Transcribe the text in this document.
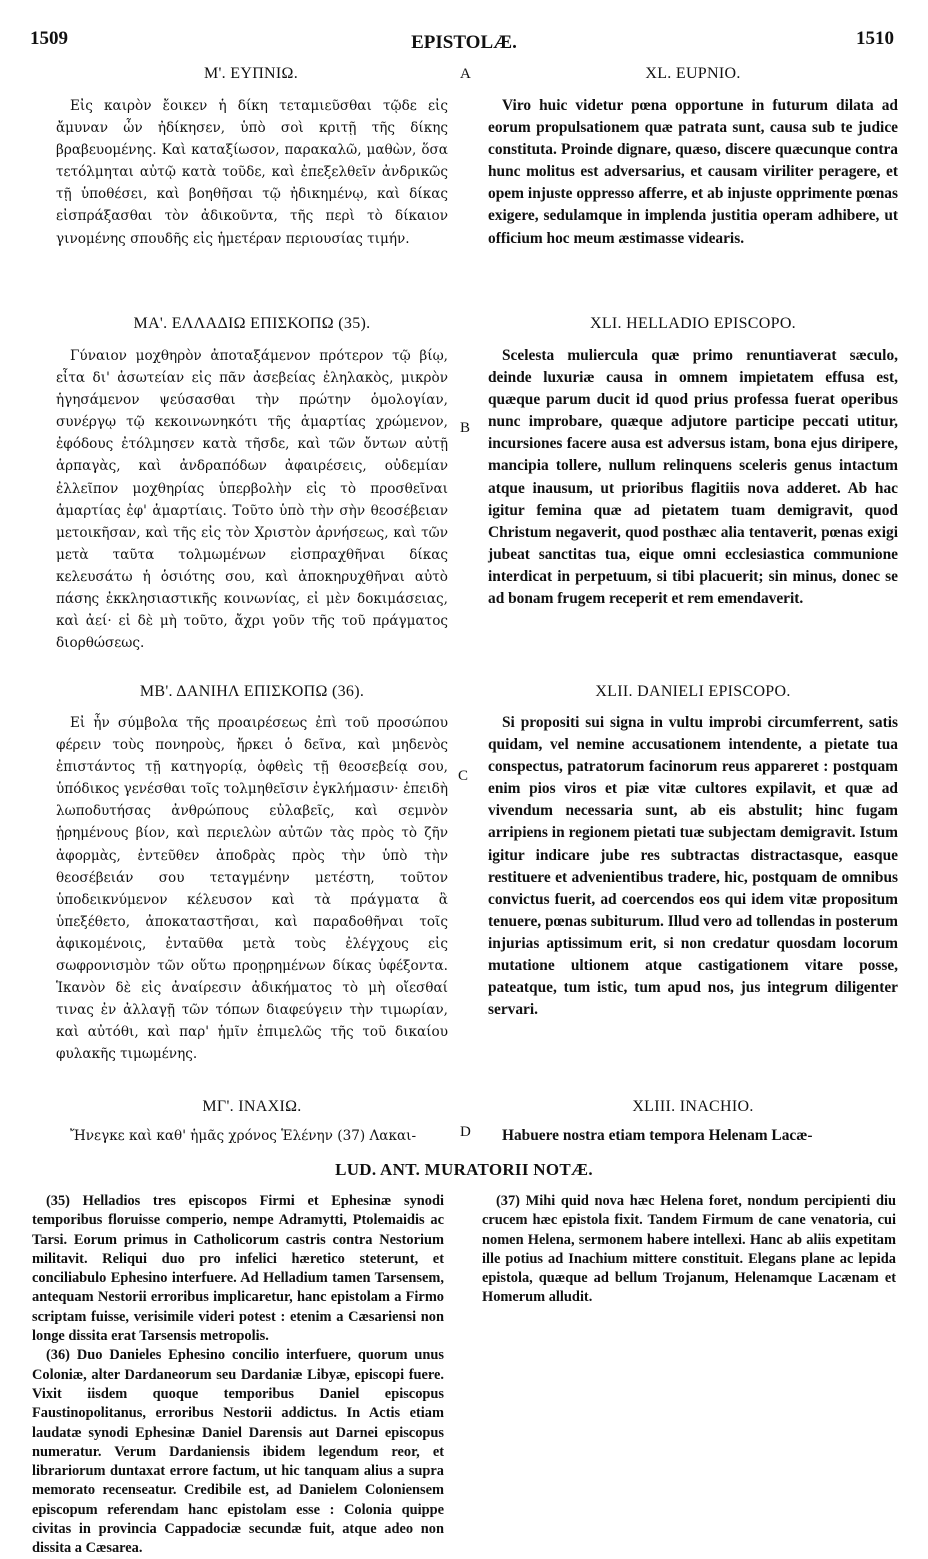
1509	EPISTOLÆ.	1510
A
B
C
D
Μ'. ΕΥΠΝΙΩ.

Εἰς καιρὸν ἔοικεν ἡ δίκη τεταμιεῦσθαι τῷδε εἰς ἄμυναν ὧν ἠδίκησεν, ὑπὸ σοὶ κριτῇ τῆς δίκης βραβευομένης. Καὶ καταξίωσον, παρακαλῶ, μαθὼν, ὅσα τετόλμηται αὐτῷ κατὰ τοῦδε, καὶ ἐπεξελθεῖν ἀνδρικῶς τῇ ὑποθέσει, καὶ βοηθῆσαι τῷ ἠδικημένῳ, καὶ δίκας εἰσπράξασθαι τὸν ἀδικοῦντα, τῆς περὶ τὸ δίκαιον γινομένης σπουδῆς εἰς ἡμετέραν περιουσίας τιμήν.

ΜΑ'. ΕΛΛΑΔΙΩ ΕΠΙΣΚΟΠΩ (35).

Γύναιον μοχθηρὸν ἀποταξάμενον πρότερον τῷ βίῳ, εἶτα δι' ἀσωτείαν εἰς πᾶν ἀσεβείας ἐληλακὸς, μικρὸν ἡγησάμενον ψεύσασθαι τὴν πρώτην ὁμολογίαν, συνέργῳ τῷ κεκοινωνηκότι τῆς ἁμαρτίας χρώμενον, ἐφόδους ἐτόλμησεν κατὰ τῆσδε, καὶ τῶν ὄντων αὐτῇ ἁρπαγὰς, καὶ ἀνδραπόδων ἀφαιρέσεις, οὐδεμίαν ἐλλεῖπον μοχθηρίας ὑπερβολὴν εἰς τὸ προσθεῖναι ἁμαρτίας ἐφ' ἁμαρτίαις. Τοῦτο ὑπὸ τὴν σὴν θεοσέβειαν μετοικῆσαν, καὶ τῆς εἰς τὸν Χριστὸν ἀρνήσεως, καὶ τῶν μετὰ ταῦτα τολμωμένων εἰσπραχθῆναι δίκας κελευσάτω ἡ ὁσιότης σου, καὶ ἀποκηρυχθῆναι αὐτὸ πάσης ἐκκλησιαστικῆς κοινωνίας, εἰ μὲν δοκιμάσειας, καὶ ἀεί· εἰ δὲ μὴ τοῦτο, ἄχρι γοῦν τῆς τοῦ πράγματος διορθώσεως.

ΜΒ'. ΔΑΝΙΗΛ ΕΠΙΣΚΟΠΩ (36).

Εἰ ἦν σύμβολα τῆς προαιρέσεως ἐπὶ τοῦ προσώπου φέρειν τοὺς πονηροὺς, ἤρκει ὁ δεῖνα, καὶ μηδενὸς ἐπιστάντος τῇ κατηγορίᾳ, ὀφθεὶς τῇ θεοσεβείᾳ σου, ὑπόδικος γενέσθαι τοῖς τολμηθεῖσιν ἐγκλήμασιν· ἐπειδὴ λωποδυτήσας ἀνθρώπους εὐλαβεῖς, καὶ σεμνὸν ᾑρημένους βίον, καὶ περιελὼν αὐτῶν τὰς πρὸς τὸ ζῆν ἀφορμὰς, ἐντεῦθεν ἀποδρὰς πρὸς τὴν ὑπὸ τὴν θεοσέβειάν σου τεταγμένην μετέστη, τοῦτον ὑποδεικνύμενον κέλευσον καὶ τὰ πράγματα ἃ ὑπεξέθετο, ἀποκαταστῆσαι, καὶ παραδοθῆναι τοῖς ἀφικομένοις, ἐνταῦθα μετὰ τοὺς ἐλέγχους εἰς σωφρονισμὸν τῶν οὕτω προῃρημένων δίκας ὑφέξοντα. Ἱκανὸν δὲ εἰς ἀναίρεσιν ἀδικήματος τὸ μὴ οἴεσθαί τινας ἐν ἀλλαγῇ τῶν τόπων διαφεύγειν τὴν τιμωρίαν, καὶ αὐτόθι, καὶ παρ' ἡμῖν ἐπιμελῶς τῆς τοῦ δικαίου φυλακῆς τιμωμένης.

ΜΓ'. ΙΝΑΧΙΩ.

Ἤνεγκε καὶ καθ' ἡμᾶς χρόνος Ἑλένην (37) Λακαι-

XL. EUPNIO.

Viro huic videtur pœna opportune in futurum dilata ad eorum propulsationem quæ patrata sunt, causa sub te judice constituta. Proinde dignare, quæso, discere quæcunque contra hunc molitus est adversarius, et causam viriliter peragere, et opem injuste oppresso afferre, et ab injuste opprimente pœnas exigere, sedulamque in implenda justitia operam adhibere, ut officium hoc meum æstimasse videaris.

XLI. HELLADIO EPISCOPO.

Scelesta muliercula quæ primo renuntiaverat sæculo, deinde luxuriæ causa in omnem impietatem effusa est, quæque parum ducit id quod prius professa fuerat operibus nunc improbare, quæque adjutore participe peccati utitur, incursiones facere ausa est adversus istam, bona ejus diripere, mancipia tollere, nullum relinquens sceleris genus intactum atque inausum, ut prioribus flagitiis nova adderet. Ab hac igitur femina quæ ad pietatem tuam demigravit, quod Christum negaverit, quod posthæc alia tentaverit, pœnas exigi jubeat sanctitas tua, eique omni ecclesiastica communione interdicat in perpetuum, si tibi placuerit; sin minus, donec se ad bonam frugem receperit et rem emendaverit.

XLII. DANIELI EPISCOPO.

Si propositi sui signa in vultu improbi circumferrent, satis quidam, vel nemine accusationem intendente, a pietate tua conspectus, patratorum facinorum reus appareret : postquam enim pios viros et piæ vitæ cultores expilavit, et quæ ad vivendum necessaria sunt, ab eis abstulit; hinc fugam arripiens in regionem pietati tuæ subjectam demigravit. Istum igitur indicare jube res subtractas distractasque, easque restituere et advenientibus tradere, hic, postquam de omnibus convictus fuerit, ad coercendos eos qui idem vitæ propositum tenuere, pœnas subiturum. Illud vero ad tollendas in posterum injurias aptissimum erit, si non credatur quosdam locorum mutatione ultionem atque castigationem vitare posse, pateatque, tum istic, tum apud nos, jus integrum diligenter servari.

XLIII. INACHIO.

Habuere nostra etiam tempora Helenam Lacæ-

LUD. ANT. MURATORII NOTÆ.

(35) Helladios tres episcopos Firmi et Ephesinæ synodi temporibus floruisse comperio, nempe Adramytti, Ptolemaidis ac Tarsi. Eorum primus in Catholicorum castris contra Nestorium militavit. Reliqui duo pro infelici hæretico steterunt, et conciliabulo Ephesino interfuere. Ad Helladium tamen Tarsensem, antequam Nestorii erroribus implicaretur, hanc epistolam a Firmo scriptam fuisse, verisimile videri potest : etenim a Cæsariensi non longe dissita erat Tarsensis metropolis.

(36) Duo Danieles Ephesino concilio interfuere, quorum unus Coloniæ, alter Dardaneorum seu Dardaniæ Libyæ, episcopi fuere. Vixit iisdem quoque temporibus Daniel episcopus Faustinopolitanus, erroribus Nestorii addictus. In Actis etiam laudatæ synodi Ephesinæ Daniel Darensis aut Darnei episcopus numeratur. Verum Dardaniensis ibidem legendum reor, et librariorum duntaxat errore factum, ut hic tanquam alius a supra memorato recenseatur. Credibile est, ad Danielem Coloniensem episcopum referendam hanc epistolam esse : Colonia quippe civitas in provincia Cappadociæ secundæ fuit, atque adeo non dissita a Cæsarea.

(37) Mihi quid nova hæc Helena foret, nondum percipienti diu crucem hæc epistola fixit. Tandem Firmum de cane venatoria, cui nomen Helena, sermonem habere intellexi. Hanc ab aliis expetitam ille potius ad Inachium mittere constituit. Elegans plane ac lepida epistola, quæque ad bellum Trojanum, Helenamque Lacænam et Homerum alludit.
